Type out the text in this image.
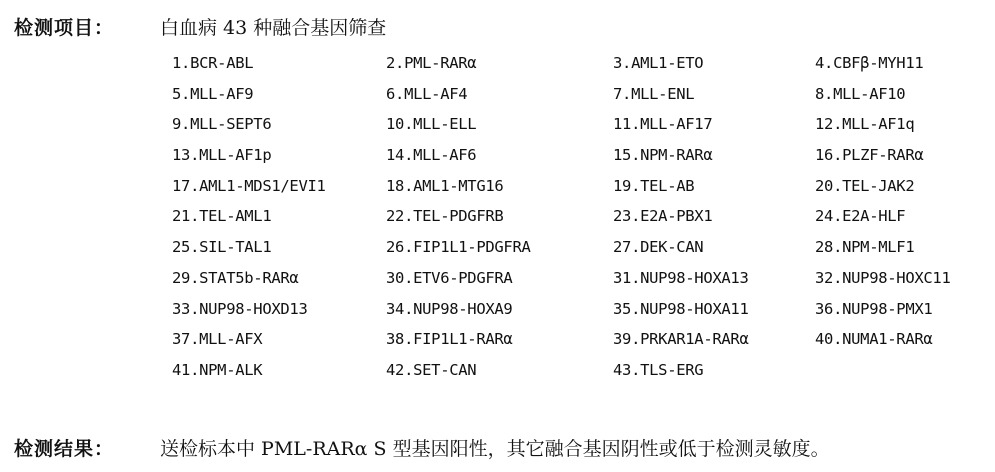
检测项目： 白血病 43 种融合基因筛查
1.BCR-ABL	2.PML-RARα	3.AML1-ETO	4.CBFβ-MYH11
5.MLL-AF9	6.MLL-AF4	7.MLL-ENL	8.MLL-AF10
9.MLL-SEPT6	10.MLL-ELL	11.MLL-AF17	12.MLL-AF1q
13.MLL-AF1p	14.MLL-AF6	15.NPM-RARα	16.PLZF-RARα
17.AML1-MDS1/EVI1	18.AML1-MTG16	19.TEL-AB	20.TEL-JAK2
21.TEL-AML1	22.TEL-PDGFRB	23.E2A-PBX1	24.E2A-HLF
25.SIL-TAL1	26.FIP1L1-PDGFRA	27.DEK-CAN	28.NPM-MLF1
29.STAT5b-RARα	30.ETV6-PDGFRA	31.NUP98-HOXA13	32.NUP98-HOXC11
33.NUP98-HOXD13	34.NUP98-HOXA9	35.NUP98-HOXA11	36.NUP98-PMX1
37.MLL-AFX	38.FIP1L1-RARα	39.PRKAR1A-RARα	40.NUMA1-RARα
41.NPM-ALK	42.SET-CAN	43.TLS-ERG
检测结果： 送检标本中 PML-RARα S 型基因阳性，其它融合基因阴性或低于检测灵敏度。
